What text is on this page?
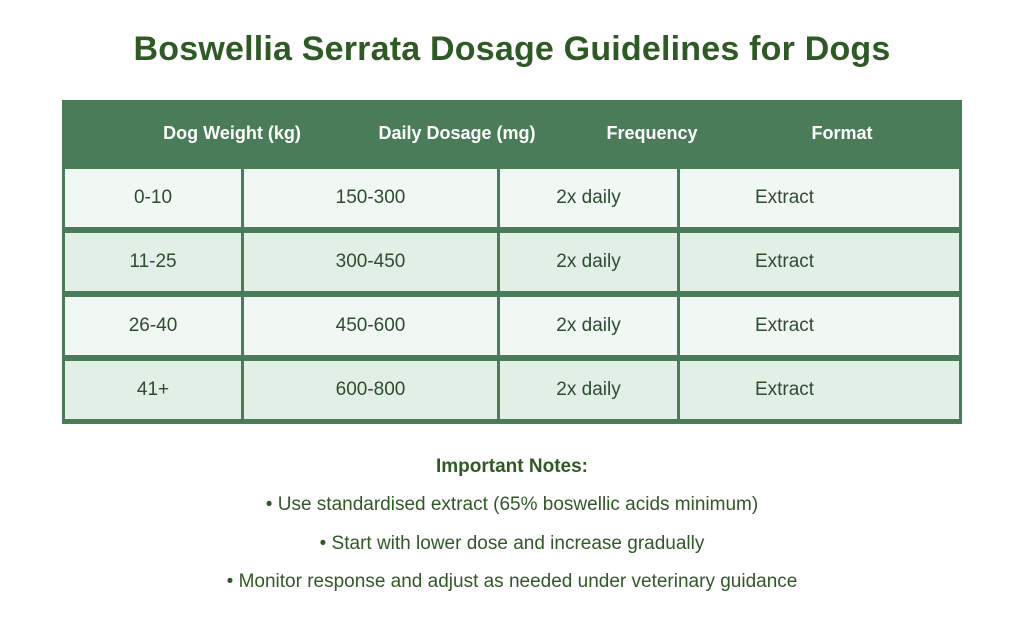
Boswellia Serrata Dosage Guidelines for Dogs
Dog Weight (kg)	Daily Dosage (mg)	Frequency	Format
0-10	150-300	2x daily	Extract
11-25	300-450	2x daily	Extract
26-40	450-600	2x daily	Extract
41+	600-800	2x daily	Extract
Important Notes:
• Use standardised extract (65% boswellic acids minimum)
• Start with lower dose and increase gradually
• Monitor response and adjust as needed under veterinary guidance
